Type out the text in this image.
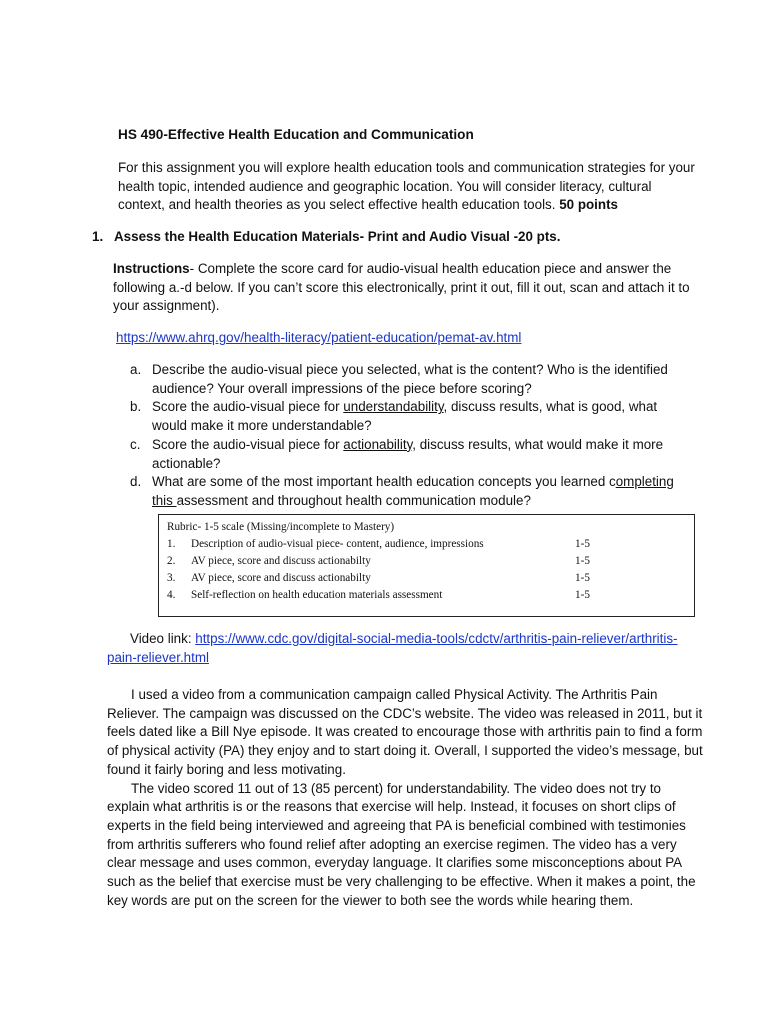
HS 490-Effective Health Education and Communication
For this assignment you will explore health education tools and communication strategies for your health topic, intended audience and geographic location. You will consider literacy, cultural context, and health theories as you select effective health education tools. 50 points
1. Assess the Health Education Materials- Print and Audio Visual -20 pts.
Instructions- Complete the score card for audio-visual health education piece and answer the following a.-d below. If you can’t score this electronically, print it out, fill it out, scan and attach it to your assignment).
https://www.ahrq.gov/health-literacy/patient-education/pemat-av.html
a. Describe the audio-visual piece you selected, what is the content? Who is the identified audience? Your overall impressions of the piece before scoring?
b. Score the audio-visual piece for understandability, discuss results, what is good, what would make it more understandable?
c. Score the audio-visual piece for actionability, discuss results, what would make it more actionable?
d. What are some of the most important health education concepts you learned completing this assessment and throughout health communication module?
Rubric- 1-5 scale (Missing/incomplete to Mastery)
1. Description of audio-visual piece- content, audience, impressions	1-5
2. AV piece, score and discuss actionabilty	1-5
3. AV piece, score and discuss actionabilty	1-5
4. Self-reflection on health education materials assessment	1-5
Video link: https://www.cdc.gov/digital-social-media-tools/cdctv/arthritis-pain-reliever/arthritis-pain-reliever.html

I used a video from a communication campaign called Physical Activity. The Arthritis Pain Reliever. The campaign was discussed on the CDC’s website. The video was released in 2011, but it feels dated like a Bill Nye episode. It was created to encourage those with arthritis pain to find a form of physical activity (PA) they enjoy and to start doing it. Overall, I supported the video’s message, but found it fairly boring and less motivating.

The video scored 11 out of 13 (85 percent) for understandability. The video does not try to explain what arthritis is or the reasons that exercise will help. Instead, it focuses on short clips of experts in the field being interviewed and agreeing that PA is beneficial combined with testimonies from arthritis sufferers who found relief after adopting an exercise regimen. The video has a very clear message and uses common, everyday language. It clarifies some misconceptions about PA such as the belief that exercise must be very challenging to be effective. When it makes a point, the key words are put on the screen for the viewer to both see the words while hearing them.
